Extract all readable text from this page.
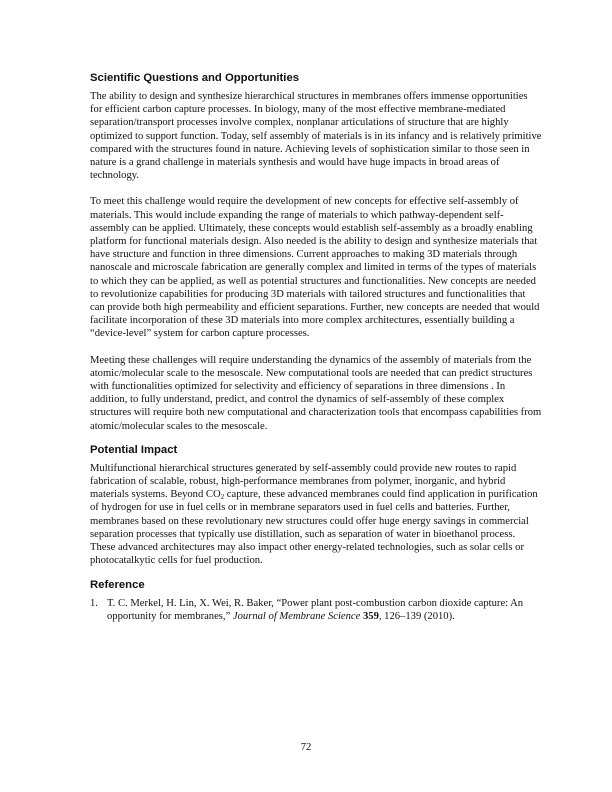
Scientific Questions and Opportunities

The ability to design and synthesize hierarchical structures in membranes offers immense opportunities for efficient carbon capture processes. In biology, many of the most effective membrane-mediated separation/transport processes involve complex, nonplanar articulations of structure that are highly optimized to support function. Today, self assembly of materials is in its infancy and is relatively primitive compared with the structures found in nature. Achieving levels of sophistication similar to those seen in nature is a grand challenge in materials synthesis and would have huge impacts in broad areas of technology.

To meet this challenge would require the development of new concepts for effective self-assembly of materials. This would include expanding the range of materials to which pathway-dependent self-assembly can be applied. Ultimately, these concepts would establish self-assembly as a broadly enabling platform for functional materials design. Also needed is the ability to design and synthesize materials that have structure and function in three dimensions. Current approaches to making 3D materials through nanoscale and microscale fabrication are generally complex and limited in terms of the types of materials to which they can be applied, as well as potential structures and functionalities. New concepts are needed to revolutionize capabilities for producing 3D materials with tailored structures and functionalities that can provide both high permeability and efficient separations. Further, new concepts are needed that would facilitate incorporation of these 3D materials into more complex architectures, essentially building a “device-level” system for carbon capture processes.

Meeting these challenges will require understanding the dynamics of the assembly of materials from the atomic/molecular scale to the mesoscale. New computational tools are needed that can predict structures with functionalities optimized for selectivity and efficiency of separations in three dimensions . In addition, to fully understand, predict, and control the dynamics of self-assembly of these complex structures will require both new computational and characterization tools that encompass capabilities from atomic/molecular scales to the mesoscale.

Potential Impact

Multifunctional hierarchical structures generated by self-assembly could provide new routes to rapid fabrication of scalable, robust, high-performance membranes from polymer, inorganic, and hybrid materials systems. Beyond $CO_2$ capture, these advanced membranes could find application in purification of hydrogen for use in fuel cells or in membrane separators used in fuel cells and batteries. Further, membranes based on these revolutionary new structures could offer huge energy savings in commercial separation processes that typically use distillation, such as separation of water in bioethanol process. These advanced architectures may also impact other energy-related technologies, such as solar cells or photocatalkytic cells for fuel production.

Reference
1. T. C. Merkel, H. Lin, X. Wei, R. Baker, “Power plant post-combustion carbon dioxide capture: An opportunity for membranes,” Journal of Membrane Science 359, 126–139 (2010).
72
